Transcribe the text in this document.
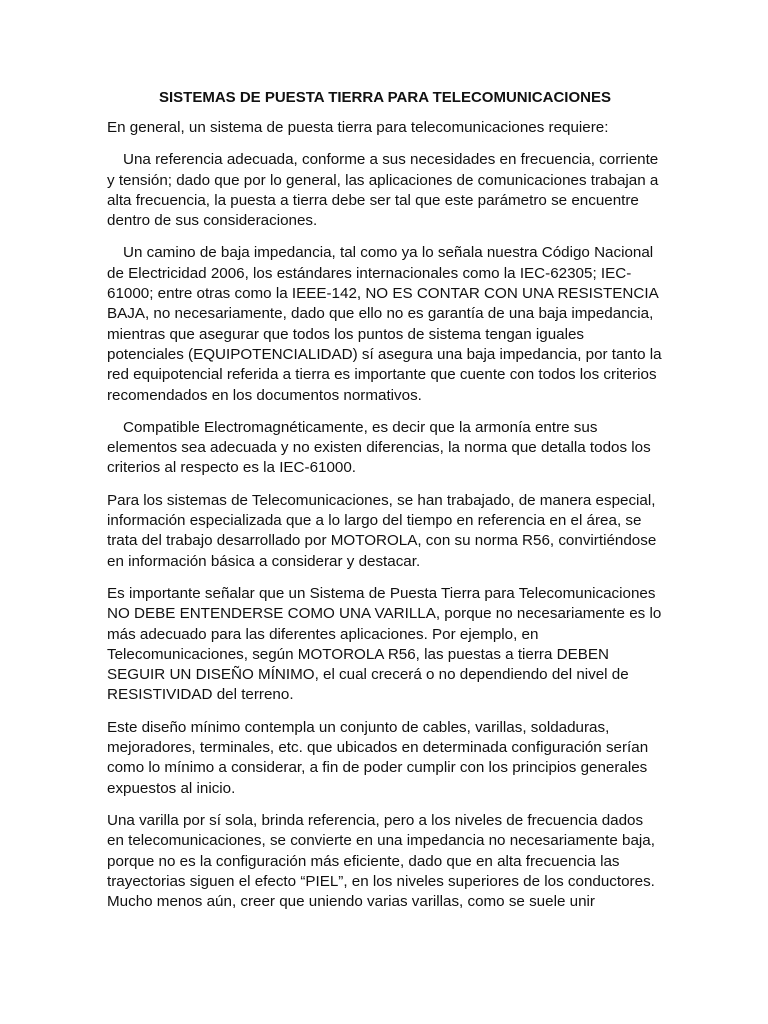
SISTEMAS DE PUESTA TIERRA PARA TELECOMUNICACIONES

En general, un sistema de puesta tierra para telecomunicaciones requiere:

Una referencia adecuada, conforme a sus necesidades en frecuencia, corriente y tensión; dado que por lo general, las aplicaciones de comunicaciones trabajan a alta frecuencia, la puesta a tierra debe ser tal que este parámetro se encuentre dentro de sus consideraciones.

Un camino de baja impedancia, tal como ya lo señala nuestra Código Nacional de Electricidad 2006, los estándares internacionales como la IEC-62305; IEC-61000; entre otras como la IEEE-142, NO ES CONTAR CON UNA RESISTENCIA BAJA, no necesariamente, dado que ello no es garantía de una baja impedancia, mientras que asegurar que todos los puntos de sistema tengan iguales potenciales (EQUIPOTENCIALIDAD) sí asegura una baja impedancia, por tanto la red equipotencial referida a tierra es importante que cuente con todos los criterios recomendados en los documentos normativos.

Compatible Electromagnéticamente, es decir que la armonía entre sus elementos sea adecuada y no existen diferencias, la norma que detalla todos los criterios al respecto es la IEC-61000.

Para los sistemas de Telecomunicaciones, se han trabajado, de manera especial, información especializada que a lo largo del tiempo en referencia en el área, se trata del trabajo desarrollado por MOTOROLA, con su norma R56, convirtiéndose en información básica a considerar y destacar.

Es importante señalar que un Sistema de Puesta Tierra para Telecomunicaciones NO DEBE ENTENDERSE COMO UNA VARILLA, porque no necesariamente es lo más adecuado para las diferentes aplicaciones. Por ejemplo, en Telecomunicaciones, según MOTOROLA R56, las puestas a tierra DEBEN SEGUIR UN DISEÑO MÍNIMO, el cual crecerá o no dependiendo del nivel de RESISTIVIDAD del terreno.

Este diseño mínimo contempla un conjunto de cables, varillas, soldaduras, mejoradores, terminales, etc. que ubicados en determinada configuración serían como lo mínimo a considerar, a fin de poder cumplir con los principios generales expuestos al inicio.

Una varilla por sí sola, brinda referencia, pero a los niveles de frecuencia dados en telecomunicaciones, se convierte en una impedancia no necesariamente baja, porque no es la configuración más eficiente, dado que en alta frecuencia las trayectorias siguen el efecto “PIEL”, en los niveles superiores de los conductores. Mucho menos aún, creer que uniendo varias varillas, como se suele unir
